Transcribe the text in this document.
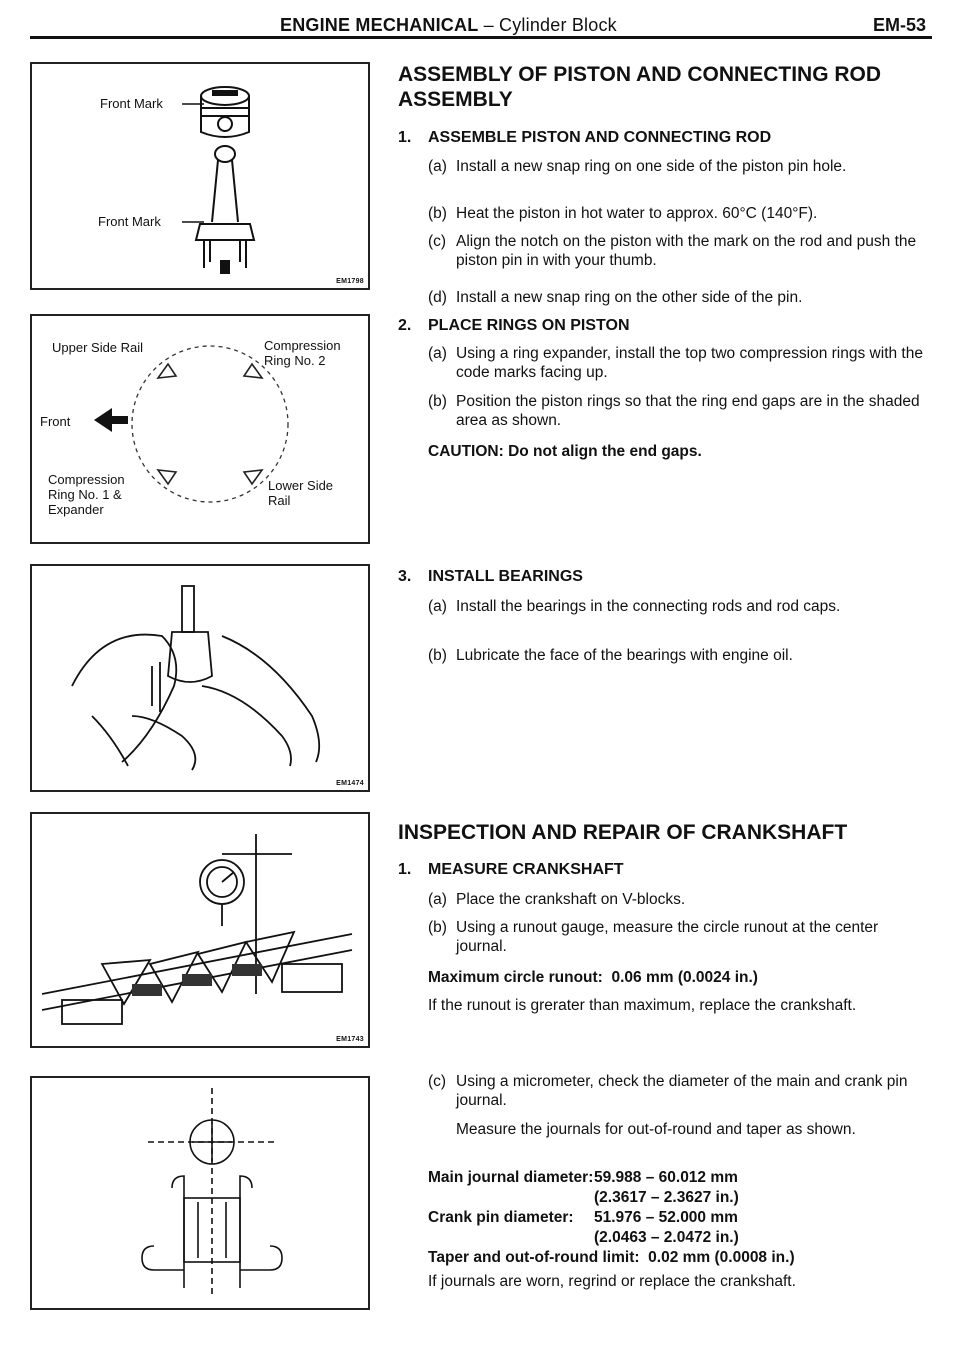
ENGINE MECHANICAL – Cylinder Block	EM-53
Front Mark
Front Mark
EM1798
Upper Side Rail	Compression
Ring No. 2
Front
Compression
Ring No. 1 &
Expander
Lower Side
Rail
EM1474
EM1743
ASSEMBLY OF PISTON AND CONNECTING ROD ASSEMBLY
1. ASSEMBLE PISTON AND CONNECTING ROD
(a) Install a new snap ring on one side of the piston pin hole.
(b) Heat the piston in hot water to approx. 60°C (140°F).
(c) Align the notch on the piston with the mark on the rod and push the piston pin in with your thumb.
(d) Install a new snap ring on the other side of the pin.
2. PLACE RINGS ON PISTON
(a) Using a ring expander, install the top two compression rings with the code marks facing up.
(b) Position the piston rings so that the ring end gaps are in the shaded area as shown.
CAUTION: Do not align the end gaps.
3. INSTALL BEARINGS
(a) Install the bearings in the connecting rods and rod caps.
(b) Lubricate the face of the bearings with engine oil.
INSPECTION AND REPAIR OF CRANKSHAFT
1. MEASURE CRANKSHAFT
(a) Place the crankshaft on V-blocks.
(b) Using a runout gauge, measure the circle runout at the center journal.
Maximum circle runout: 0.06 mm (0.0024 in.)
If the runout is grerater than maximum, replace the crankshaft.
(c) Using a micrometer, check the diameter of the main and crank pin journal.
Measure the journals for out-of-round and taper as shown.
Main journal diameter: 59.988 – 60.012 mm
(2.3617 – 2.3627 in.)
Crank pin diameter: 51.976 – 52.000 mm
(2.0463 – 2.0472 in.)
Taper and out-of-round limit: 0.02 mm (0.0008 in.)
If journals are worn, regrind or replace the crankshaft.
